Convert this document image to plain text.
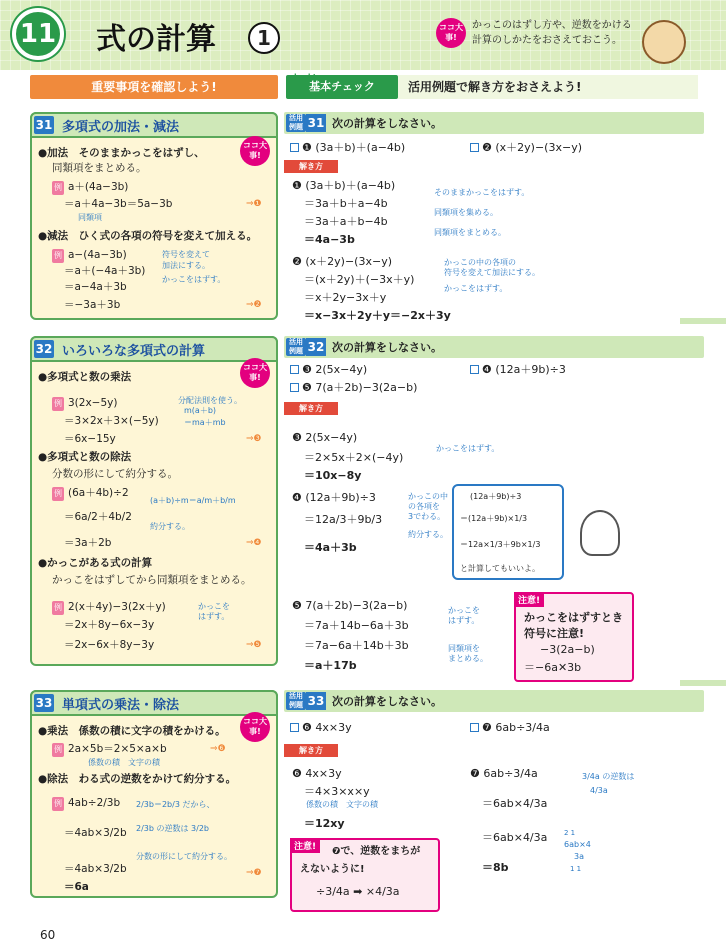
11 式の計算	1	ココ大事!
かっこのはずし方や、逆数をかける計算のしかたをおさえておこう。
重要事項を確認しよう!
check!
基本チェック	活用例題で解き方をおさえよう!
31 多項式の加法・減法
ココ大事!
●加法　そのままかっこをはずし、
同類項をまとめる。
例 a＋(4a−3b)
＝a＋4a−3b＝5a−3b
同類項
⇒❶
●減法　ひく式の各項の符号を変えて加える。
例 a−(4a−3b)
＝a＋(−4a＋3b)
＝a−4a＋3b
＝−3a＋3b
符号を変えて
加法にする。
かっこをはずす。
⇒❷
活用例題 31 次の計算をしなさい。
❶ (3a＋b)＋(a−4b)	❷ (x＋2y)−(3x−y)
解き方
❶ (3a＋b)＋(a−4b)
＝3a＋b＋a−4b
＝3a＋a＋b−4b
＝4a−3b
そのままかっこをはずす。
同類項を集める。
同類項をまとめる。
❷ (x＋2y)−(3x−y)
＝(x＋2y)＋(−3x＋y)
＝x＋2y−3x＋y
＝x−3x＋2y＋y＝−2x＋3y
かっこの中の各項の
符号を変えて加法にする。
かっこをはずす。
32 いろいろな多項式の計算
ココ大事!
●多項式と数の乗法
例 3(2x−5y)
＝3×2x＋3×(−5y)
＝6x−15y
分配法則を使う。
m(a＋b)
＝ma＋mb
⇒❸
●多項式と数の除法
分数の形にして約分する。
例 (6a＋4b)÷2
＝6a/2＋4b/2
＝3a＋2b
(a＋b)÷m＝a/m＋b/m
約分する。
⇒❹
●かっこがある式の計算
かっこをはずしてから同類項をまとめる。
例 2(x＋4y)−3(2x＋y)
＝2x＋8y−6x−3y
＝2x−6x＋8y−3y
かっこを
はずす。
⇒❺
活用例題 32 次の計算をしなさい。
❸ 2(5x−4y)	❹ (12a＋9b)÷3
❺ 7(a＋2b)−3(2a−b)
解き方
❸ 2(5x−4y)
＝2×5x＋2×(−4y)
＝10x−8y
かっこをはずす。
❹ (12a＋9b)÷3
＝12a/3＋9b/3
＝4a＋3b
かっこの中
の各項を
3でわる。
約分する。
(12a＋9b)÷3
＝(12a＋9b)×1/3
＝12a×1/3＋9b×1/3
と計算してもいいよ。
❺ 7(a＋2b)−3(2a−b)
＝7a＋14b−6a＋3b
＝7a−6a＋14b＋3b
＝a＋17b
かっこを
はずす。
同類項を
まとめる。
注意!
かっこをはずすとき
符号に注意!
−3(2a−b)
＝−6a✕3b
33 単項式の乗法・除法
ココ大事!
●乗法　係数の積に文字の積をかける。
例 2a×5b＝2×5×a×b
係数の積　文字の積
⇒❻
●除法　わる式の逆数をかけて約分する。
例 4ab÷2/3b
＝4ab×3/2b
＝4ab×3/2b
＝6a
2/3b＝2b/3 だから、
2/3b の逆数は 3/2b
分数の形にして約分する。
⇒❼
活用例題 33 次の計算をしなさい。
❻ 4x×3y	❼ 6ab÷3/4a
解き方
❻ 4x×3y
＝4×3×x×y
係数の積　文字の積
＝12xy
注意!	❼で、逆数をまちが
えないように!
÷3/4a ➡ ×4/3a
❼ 6ab÷3/4a
＝6ab×4/3a
＝6ab×4/3a
＝8b
3/4a の逆数は
4/3a
2 1
6ab×4
3a
1 1
60
